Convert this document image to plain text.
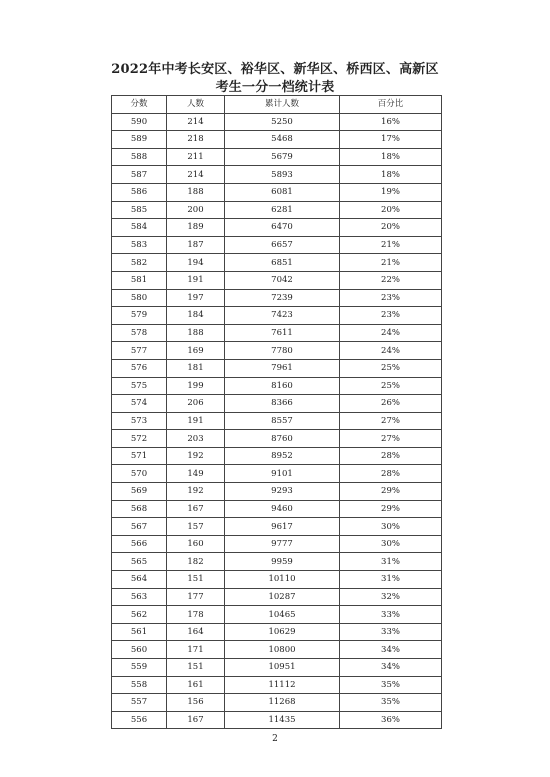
2022年中考长安区、裕华区、新华区、桥西区、高新区
考生一分一档统计表
分数	人数	累计人数	百分比
590	214	5250	16%
589	218	5468	17%
588	211	5679	18%
587	214	5893	18%
586	188	6081	19%
585	200	6281	20%
584	189	6470	20%
583	187	6657	21%
582	194	6851	21%
581	191	7042	22%
580	197	7239	23%
579	184	7423	23%
578	188	7611	24%
577	169	7780	24%
576	181	7961	25%
575	199	8160	25%
574	206	8366	26%
573	191	8557	27%
572	203	8760	27%
571	192	8952	28%
570	149	9101	28%
569	192	9293	29%
568	167	9460	29%
567	157	9617	30%
566	160	9777	30%
565	182	9959	31%
564	151	10110	31%
563	177	10287	32%
562	178	10465	33%
561	164	10629	33%
560	171	10800	34%
559	151	10951	34%
558	161	11112	35%
557	156	11268	35%
556	167	11435	36%
2
